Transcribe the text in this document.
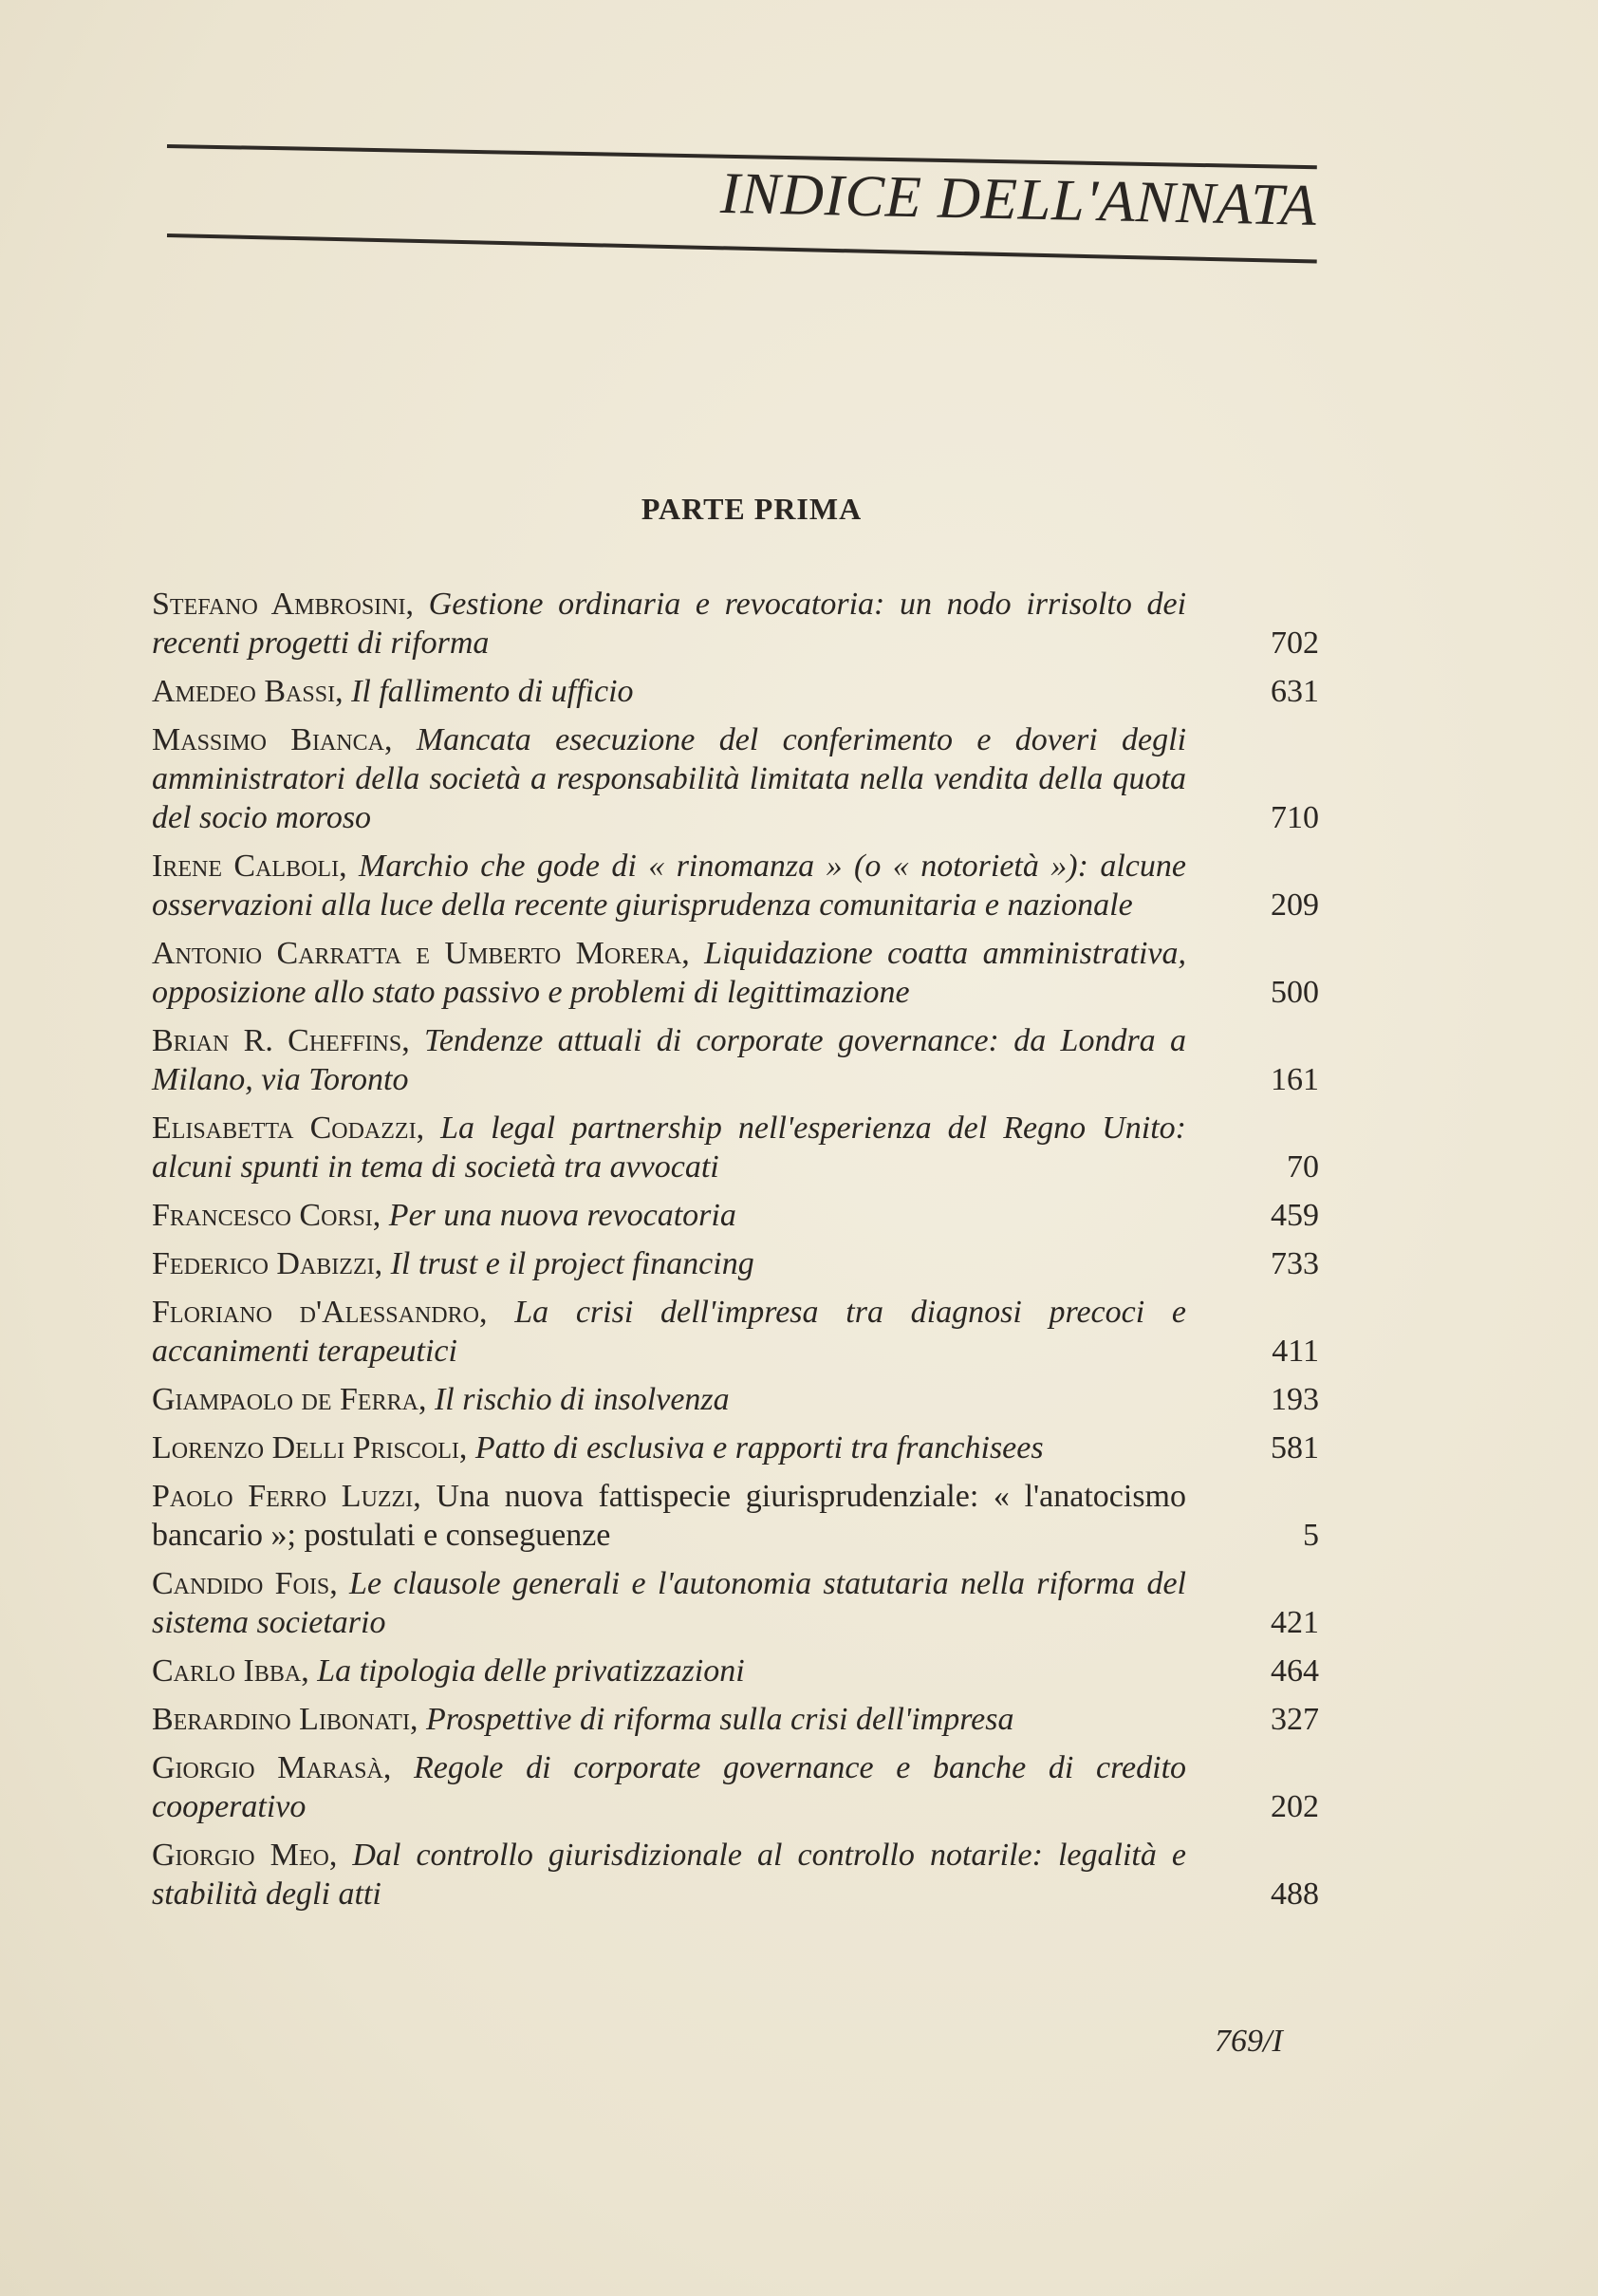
INDICE DELL'ANNATA
PARTE PRIMA
Stefano Ambrosini, Gestione ordinaria e revocatoria: un nodo irrisolto dei recenti progetti di riforma	702
Amedeo Bassi, Il fallimento di ufficio	631
Massimo Bianca, Mancata esecuzione del conferimento e doveri degli amministratori della società a responsabilità limitata nella vendita della quota del socio moroso	710
Irene Calboli, Marchio che gode di « rinomanza » (o « notorietà »): alcune osservazioni alla luce della recente giurisprudenza comunitaria e nazionale	209
Antonio Carratta e Umberto Morera, Liquidazione coatta amministrativa, opposizione allo stato passivo e problemi di legittimazione	500
Brian R. Cheffins, Tendenze attuali di corporate governance: da Londra a Milano, via Toronto	161
Elisabetta Codazzi, La legal partnership nell'esperienza del Regno Unito: alcuni spunti in tema di società tra avvocati	70
Francesco Corsi, Per una nuova revocatoria	459
Federico Dabizzi, Il trust e il project financing	733
Floriano d'Alessandro, La crisi dell'impresa tra diagnosi precoci e accanimenti terapeutici	411
Giampaolo de Ferra, Il rischio di insolvenza	193
Lorenzo Delli Priscoli, Patto di esclusiva e rapporti tra franchisees	581
Paolo Ferro Luzzi, Una nuova fattispecie giurisprudenziale: « l'anatocismo bancario »; postulati e conseguenze	5
Candido Fois, Le clausole generali e l'autonomia statutaria nella riforma del sistema societario	421
Carlo Ibba, La tipologia delle privatizzazioni	464
Berardino Libonati, Prospettive di riforma sulla crisi dell'impresa	327
Giorgio Marasà, Regole di corporate governance e banche di credito cooperativo	202
Giorgio Meo, Dal controllo giurisdizionale al controllo notarile: legalità e stabilità degli atti	488
769/I
